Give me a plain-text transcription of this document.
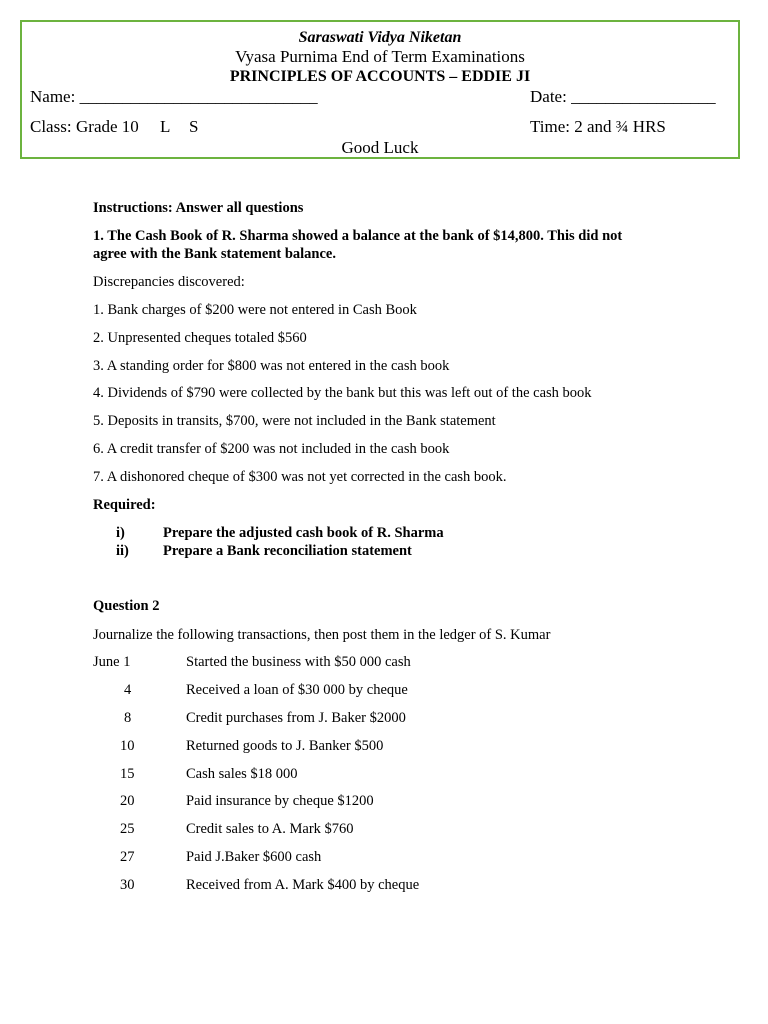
Saraswati Vidya Niketan
Vyasa Purnima End of Term Examinations
PRINCIPLES OF ACCOUNTS – EDDIE JI
Name: ____________________________	Date: _________________
Class: Grade 10 L S	Time: 2 and ¾ HRS
Good Luck
Instructions: Answer all questions
1. The Cash Book of R. Sharma showed a balance at the bank of $14,800. This did not
agree with the Bank statement balance.
Discrepancies discovered:
1. Bank charges of $200 were not entered in Cash Book
2. Unpresented cheques totaled $560
3. A standing order for $800 was not entered in the cash book
4. Dividends of $790 were collected by the bank but this was left out of the cash book
5. Deposits in transits, $700, were not included in the Bank statement
6. A credit transfer of $200 was not included in the cash book
7. A dishonored cheque of $300 was not yet corrected in the cash book.
Required:
i)	Prepare the adjusted cash book of R. Sharma
ii) Prepare a Bank reconciliation statement
Question 2
Journalize the following transactions, then post them in the ledger of S. Kumar
June 1	Started the business with $50 000 cash
4	Received a loan of $30 000 by cheque
8	Credit purchases from J. Baker $2000
10	Returned goods to J. Banker $500
15	Cash sales $18 000
20	Paid insurance by cheque $1200
25	Credit sales to A. Mark $760
27	Paid J.Baker $600 cash
30	Received from A. Mark $400 by cheque
